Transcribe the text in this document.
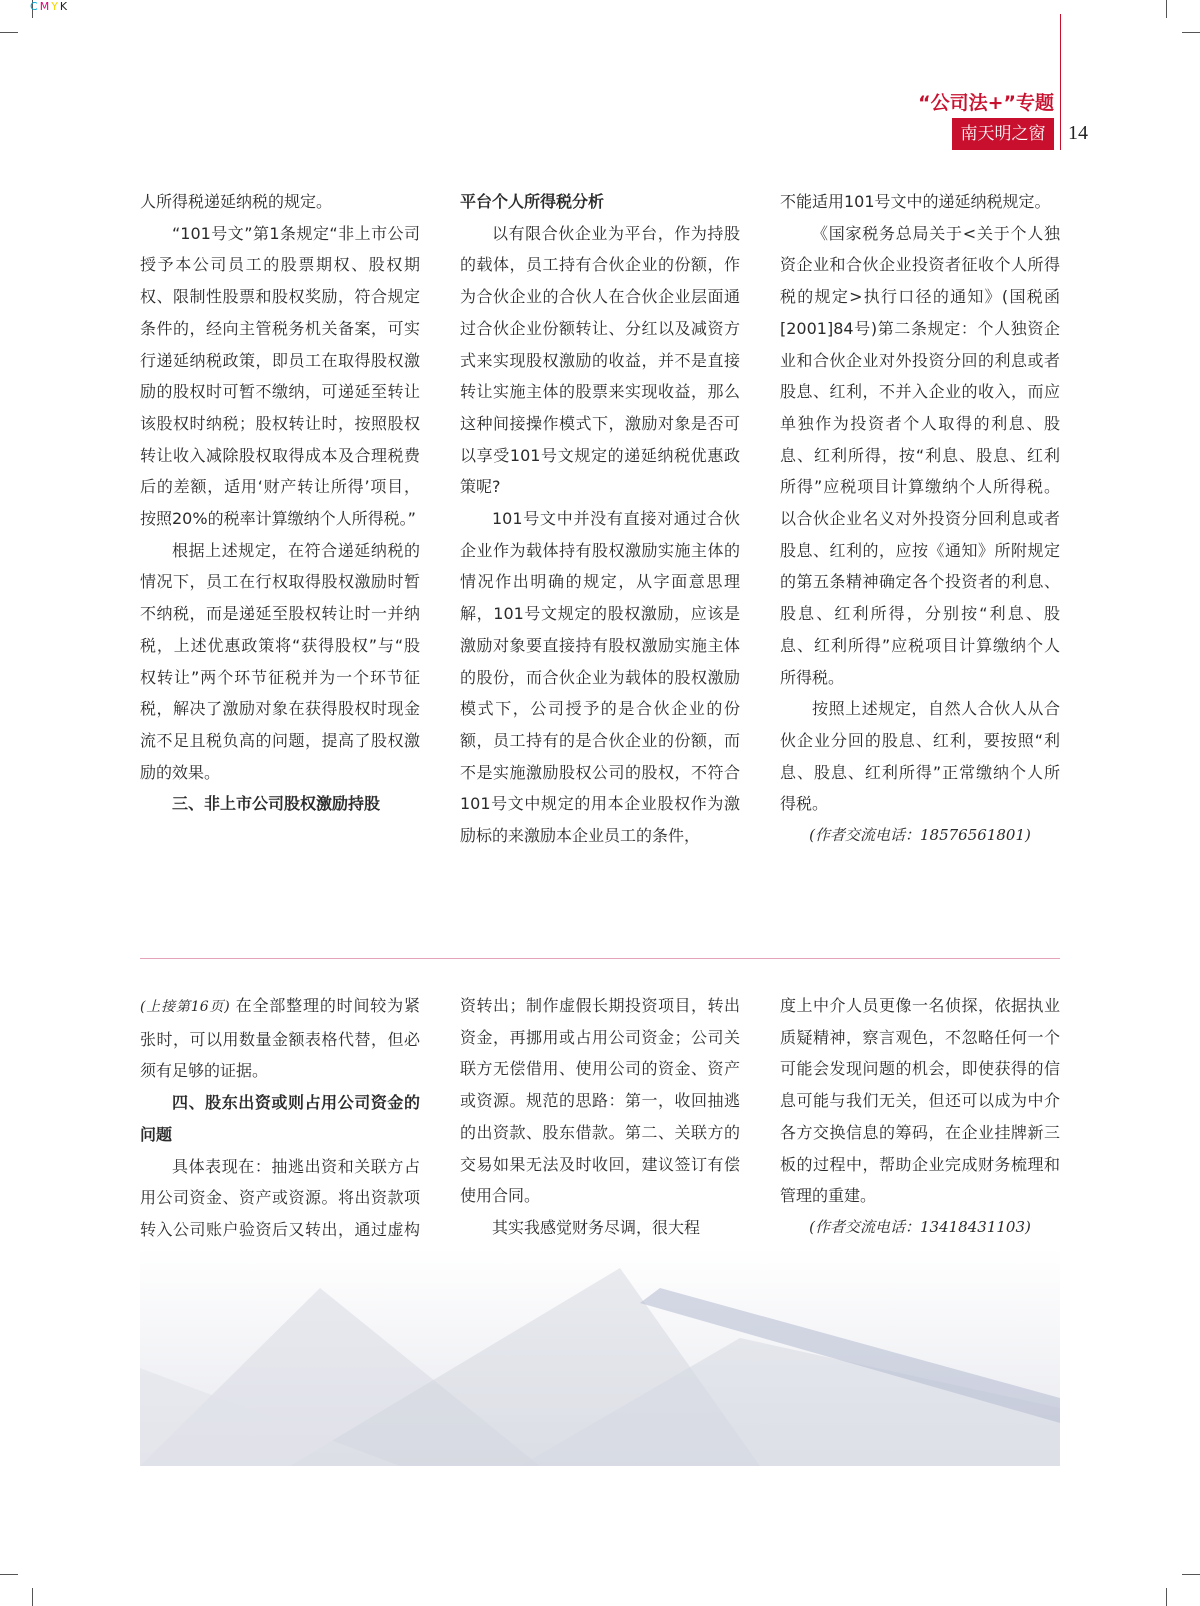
CMYK
“公司法+”专题
南天明之窗	14

人所得税递延纳税的规定。

“101号文”第1条规定“非上市公司授予本公司员工的股票期权、股权期权、限制性股票和股权奖励，符合规定条件的，经向主管税务机关备案，可实行递延纳税政策，即员工在取得股权激励的股权时可暂不缴纳，可递延至转让该股权时纳税；股权转让时，按照股权转让收入减除股权取得成本及合理税费后的差额，适用‘财产转让所得’项目，按照20%的税率计算缴纳个人所得税。”

根据上述规定，在符合递延纳税的情况下，员工在行权取得股权激励时暂不纳税，而是递延至股权转让时一并纳税，上述优惠政策将“获得股权”与“股权转让”两个环节征税并为一个环节征税，解决了激励对象在获得股权时现金流不足且税负高的问题，提高了股权激励的效果。

三、非上市公司股权激励持股

平台个人所得税分析

以有限合伙企业为平台，作为持股的载体，员工持有合伙企业的份额，作为合伙企业的合伙人在合伙企业层面通过合伙企业份额转让、分红以及减资方式来实现股权激励的收益，并不是直接转让实施主体的股票来实现收益，那么这种间接操作模式下，激励对象是否可以享受101号文规定的递延纳税优惠政策呢?

101号文中并没有直接对通过合伙企业作为载体持有股权激励实施主体的情况作出明确的规定，从字面意思理解，101号文规定的股权激励，应该是激励对象要直接持有股权激励实施主体的股份，而合伙企业为载体的股权激励模式下，公司授予的是合伙企业的份额，员工持有的是合伙企业的份额，而不是实施激励股权公司的股权，不符合101号文中规定的用本企业股权作为激励标的来激励本企业员工的条件，

不能适用101号文中的递延纳税规定。

《国家税务总局关于<关于个人独资企业和合伙企业投资者征收个人所得税的规定>执行口径的通知》(国税函[2001]84号)第二条规定：个人独资企业和合伙企业对外投资分回的利息或者股息、红利，不并入企业的收入，而应单独作为投资者个人取得的利息、股息、红利所得，按“利息、股息、红利所得”应税项目计算缴纳个人所得税。以合伙企业名义对外投资分回利息或者股息、红利的，应按《通知》所附规定的第五条精神确定各个投资者的利息、股息、红利所得，分别按“利息、股息、红利所得”应税项目计算缴纳个人所得税。

按照上述规定，自然人合伙人从合伙企业分回的股息、红利，要按照“利息、股息、红利所得”正常缴纳个人所得税。

(作者交流电话：18576561801)

(上接第16页) 在全部整理的时间较为紧张时，可以用数量金额表格代替，但必须有足够的证据。

四、股东出资或则占用公司资金的问题

具体表现在：抽逃出资和关联方占用公司资金、资产或资源。将出资款项转入公司账户验资后又转出，通过虚构

资转出；制作虚假长期投资项目，转出资金，再挪用或占用公司资金；公司关联方无偿借用、使用公司的资金、资产或资源。规范的思路：第一，收回抽逃的出资款、股东借款。第二、关联方的交易如果无法及时收回，建议签订有偿使用合同。

其实我感觉财务尽调，很大程

度上中介人员更像一名侦探，依据执业质疑精神，察言观色，不忽略任何一个可能会发现问题的机会，即使获得的信息可能与我们无关，但还可以成为中介各方交换信息的筹码，在企业挂牌新三板的过程中，帮助企业完成财务梳理和管理的重建。

(作者交流电话：13418431103)
